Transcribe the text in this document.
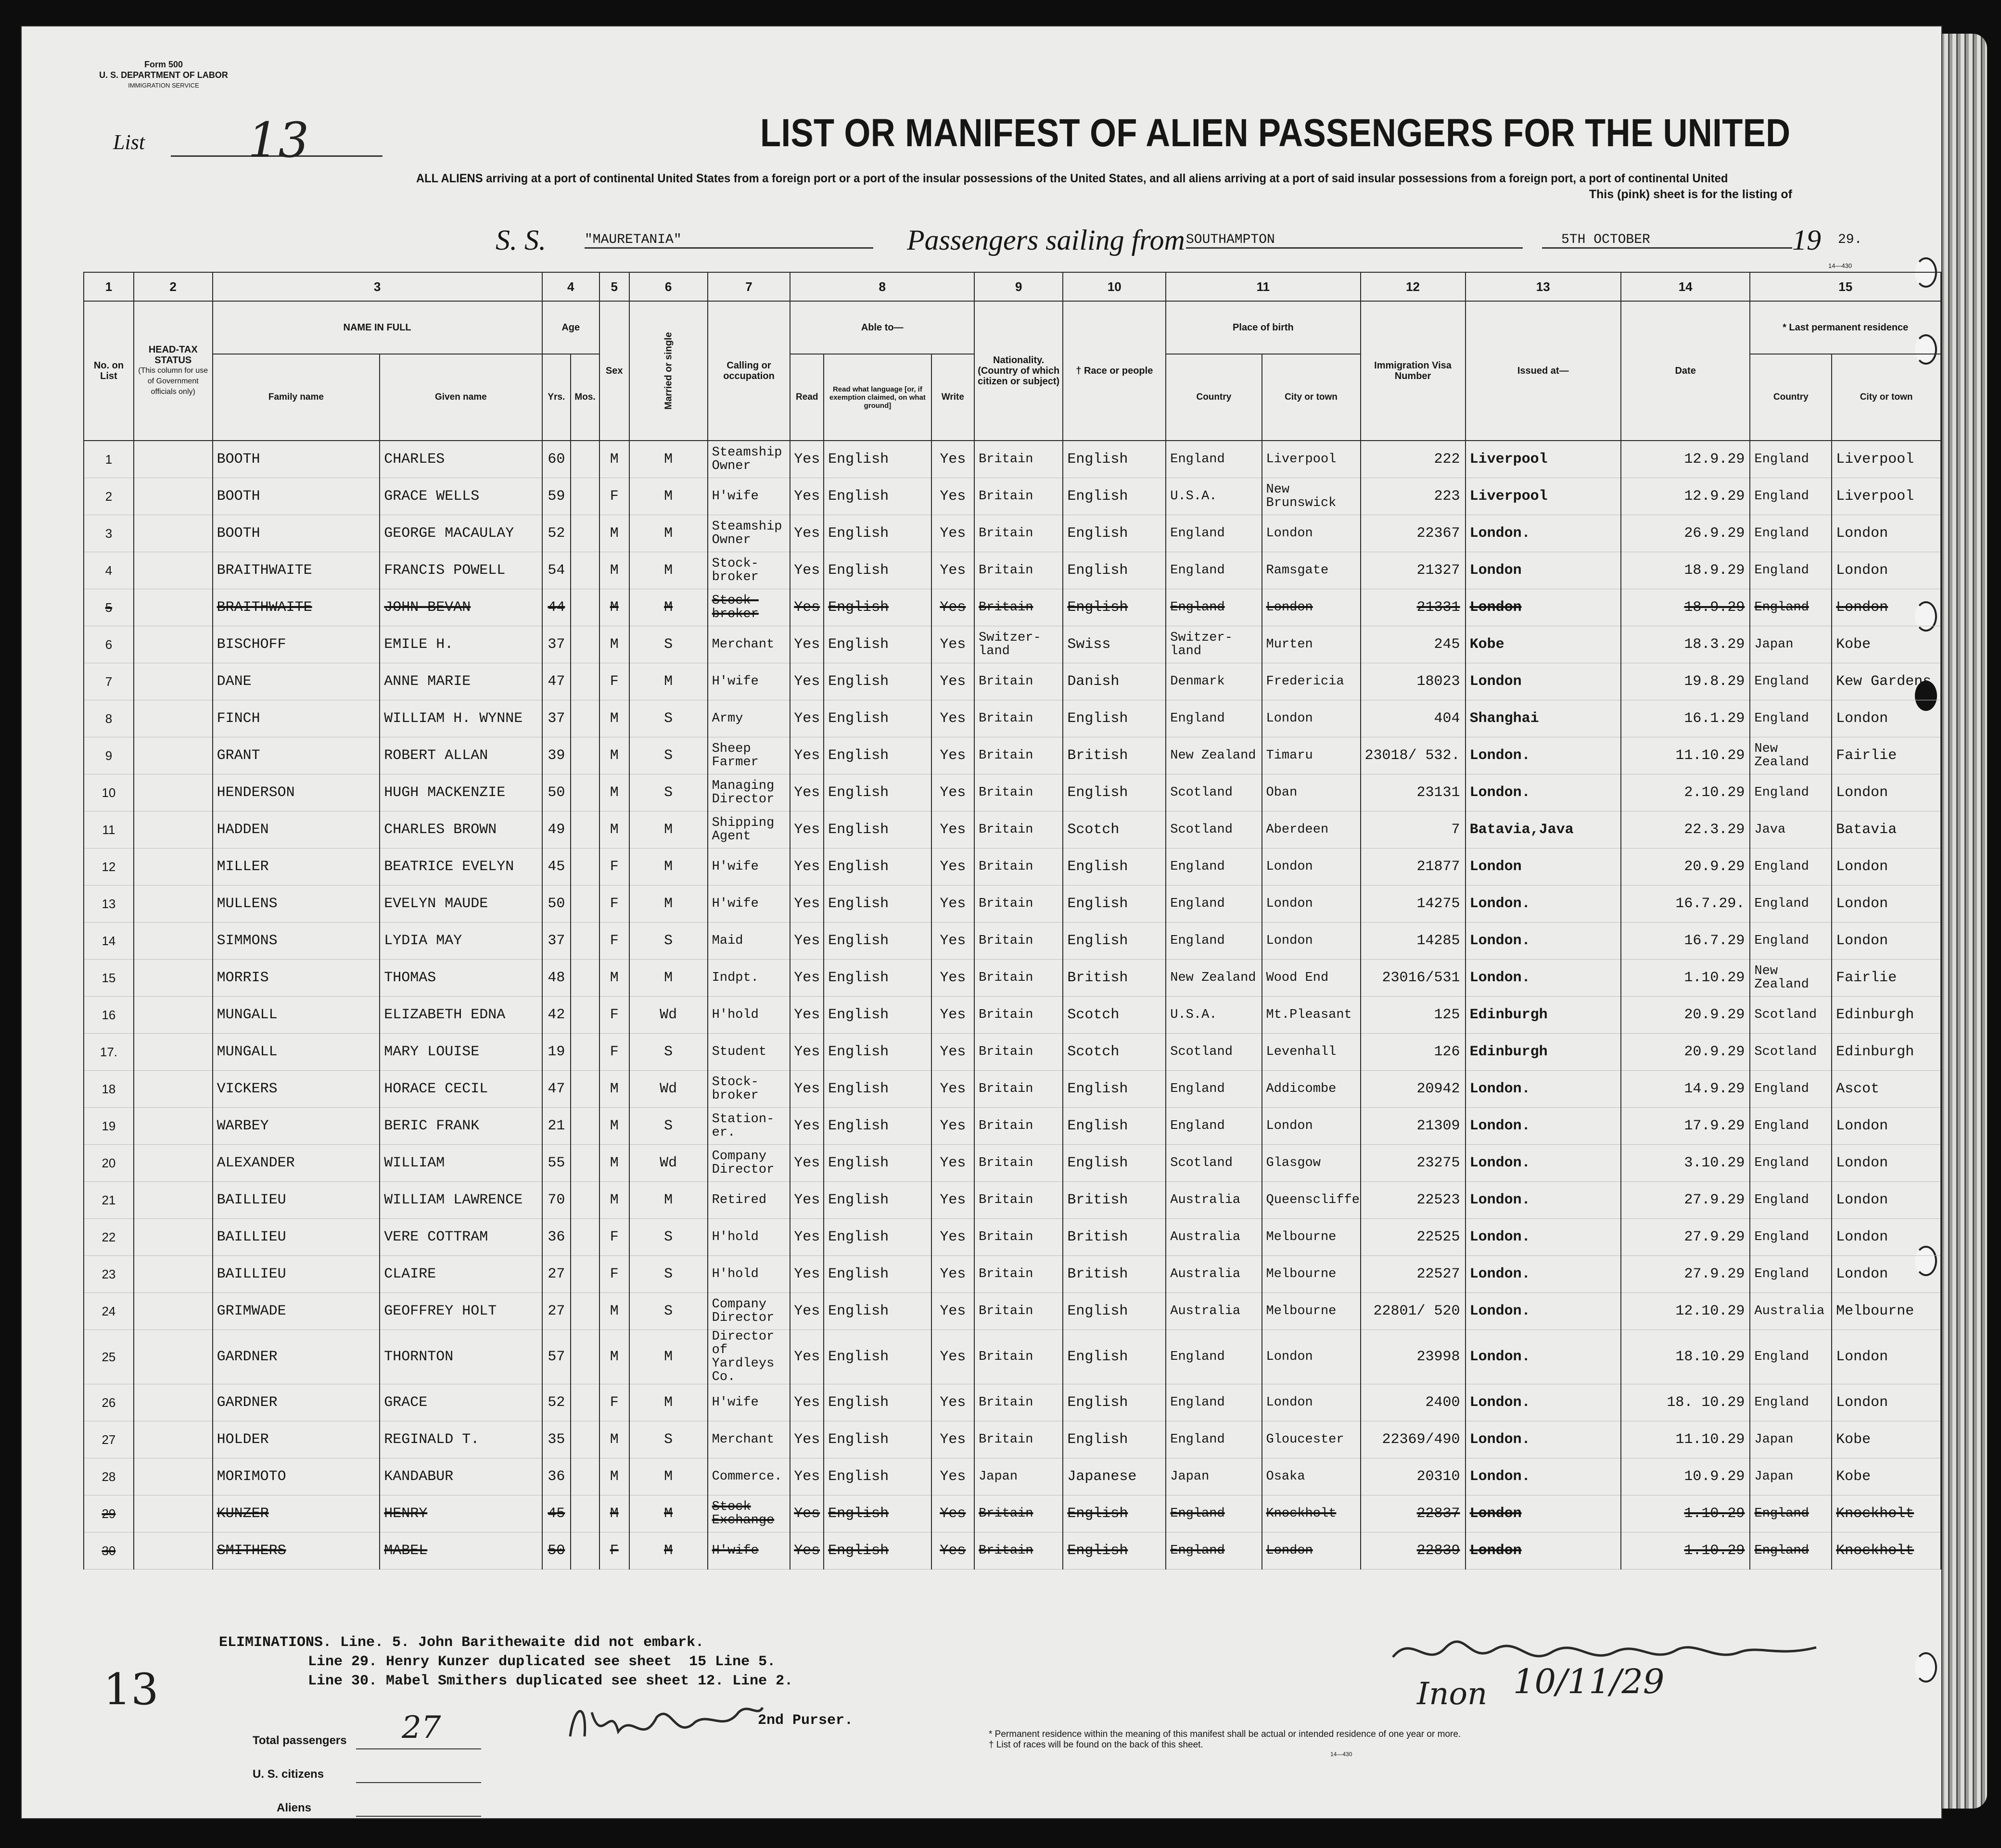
Form 500
U. S. DEPARTMENT OF LABOR
IMMIGRATION SERVICE
List 13	LIST OR MANIFEST OF ALIEN PASSENGERS FOR THE UNITED
ALL ALIENS arriving at a port of continental United States from a foreign port or a port of the insular possessions of the United States, and all aliens arriving at a port of said insular possessions from a foreign port, a port of continental United
This (pink) sheet is for the listing of
S. S.	"MAURETANIA"	Passengers sailing from SOUTHAMPTON	5TH OCTOBER	19 29.
14—430
1	2	3		4		5	6	7	8			9	10	11		12	13	14	15	
No. on List	HEAD-TAX STATUS
(This column for use of Government officials only)	NAME IN FULL		Age		Sex	Married or single	Calling or occupation	Able to—			Nationality. (Country of which citizen or subject)	† Race or people	Place of birth		Immigration Visa Number	Issued at—	Date	* Last permanent residence	
		Family name	Given name	Yrs.	Mos.				Read	Read what language [or, if exemption claimed, on what ground]	Write			Country	City or town				Country	City or town
1		BOOTH	CHARLES	60		M	M	Steamship Owner	Yes	English	Yes	Britain	English	England	Liverpool	222	Liverpool	12.9.29	England	Liverpool
2		BOOTH	GRACE WELLS	59		F	M	H'wife	Yes	English	Yes	Britain	English	U.S.A.	New Brunswick	223	Liverpool	12.9.29	England	Liverpool
3		BOOTH	GEORGE MACAULAY	52		M	M	Steamship Owner	Yes	English	Yes	Britain	English	England	London	22367	London.	26.9.29	England	London
4		BRAITHWAITE	FRANCIS POWELL	54		M	M	Stock-broker	Yes	English	Yes	Britain	English	England	Ramsgate	21327	London	18.9.29	England	London
5		BRAITHWAITE	JOHN BEVAN	44		M	M	Stock-broker	Yes	English	Yes	Britain	English	England	London	21331	London	18.9.29	England	London
6		BISCHOFF	EMILE H.	37		M	S	Merchant	Yes	English	Yes	Switzer-land	Swiss	Switzer-land	Murten	245	Kobe	18.3.29	Japan	Kobe
7		DANE	ANNE MARIE	47		F	M	H'wife	Yes	English	Yes	Britain	Danish	Denmark	Fredericia	18023	London	19.8.29	England	Kew Gardens
8		FINCH	WILLIAM H. WYNNE	37		M	S	Army	Yes	English	Yes	Britain	English	England	London	404	Shanghai	16.1.29	England	London
9		GRANT	ROBERT ALLAN	39		M	S	Sheep Farmer	Yes	English	Yes	Britain	British	New Zealand	Timaru	23018/ 532.	London.	11.10.29	New Zealand	Fairlie
10		HENDERSON	HUGH MACKENZIE	50		M	S	Managing Director	Yes	English	Yes	Britain	English	Scotland	Oban	23131	London.	2.10.29	England	London
11		HADDEN	CHARLES BROWN	49		M	M	Shipping Agent	Yes	English	Yes	Britain	Scotch	Scotland	Aberdeen	7	Batavia,Java	22.3.29	Java	Batavia
12		MILLER	BEATRICE EVELYN	45		F	M	H'wife	Yes	English	Yes	Britain	English	England	London	21877	London	20.9.29	England	London
13		MULLENS	EVELYN MAUDE	50		F	M	H'wife	Yes	English	Yes	Britain	English	England	London	14275	London.	16.7.29.	England	London
14		SIMMONS	LYDIA MAY	37		F	S	Maid	Yes	English	Yes	Britain	English	England	London	14285	London.	16.7.29	England	London
15		MORRIS	THOMAS	48		M	M	Indpt.	Yes	English	Yes	Britain	British	New Zealand	Wood End	23016/531	London.	1.10.29	New Zealand	Fairlie
16		MUNGALL	ELIZABETH EDNA	42		F	Wd	H'hold	Yes	English	Yes	Britain	Scotch	U.S.A.	Mt.Pleasant	125	Edinburgh	20.9.29	Scotland	Edinburgh
17.		MUNGALL	MARY LOUISE	19		F	S	Student	Yes	English	Yes	Britain	Scotch	Scotland	Levenhall	126	Edinburgh	20.9.29	Scotland	Edinburgh
18		VICKERS	HORACE CECIL	47		M	Wd	Stock-broker	Yes	English	Yes	Britain	English	England	Addicombe	20942	London.	14.9.29	England	Ascot
19		WARBEY	BERIC FRANK	21		M	S	Station-er.	Yes	English	Yes	Britain	English	England	London	21309	London.	17.9.29	England	London
20		ALEXANDER	WILLIAM	55		M	Wd	Company Director	Yes	English	Yes	Britain	English	Scotland	Glasgow	23275	London.	3.10.29	England	London
21		BAILLIEU	WILLIAM LAWRENCE	70		M	M	Retired	Yes	English	Yes	Britain	British	Australia	Queenscliffe	22523	London.	27.9.29	England	London
22		BAILLIEU	VERE COTTRAM	36		F	S	H'hold	Yes	English	Yes	Britain	British	Australia	Melbourne	22525	London.	27.9.29	England	London
23		BAILLIEU	CLAIRE	27		F	S	H'hold	Yes	English	Yes	Britain	British	Australia	Melbourne	22527	London.	27.9.29	England	London
24		GRIMWADE	GEOFFREY HOLT	27		M	S	Company Director	Yes	English	Yes	Britain	English	Australia	Melbourne	22801/ 520	London.	12.10.29	Australia	Melbourne
25		GARDNER	THORNTON	57		M	M	Director of Yardleys Co.	Yes	English	Yes	Britain	English	England	London	23998	London.	18.10.29	England	London
26		GARDNER	GRACE	52		F	M	H'wife	Yes	English	Yes	Britain	English	England	London	2400	London.	18. 10.29	England	London
27		HOLDER	REGINALD T.	35		M	S	Merchant	Yes	English	Yes	Britain	English	England	Gloucester	22369/490	London.	11.10.29	Japan	Kobe
28		MORIMOTO	KANDABUR	36		M	M	Commerce.	Yes	English	Yes	Japan	Japanese	Japan	Osaka	20310	London.	10.9.29	Japan	Kobe
29		KUNZER	HENRY	45		M	M	Stock Exchange	Yes	English	Yes	Britain	English	England	Knockholt	22837	London	1.10.29	England	Knockholt
30		SMITHERS	MABEL	50		F	M	H'wife	Yes	English	Yes	Britain	English	England	London	22839	London	1.10.29	England	Knockholt
ELIMINATIONS. Line. 5. John Barithewaite did not embark.
Line 29. Henry Kunzer duplicated see sheet  15 Line 5.
Line 30. Mabel Smithers duplicated see sheet 12. Line 2.
13	Inon 10/11/29
2nd Purser.
Total passengers 27
U. S. citizens
Aliens
* Permanent residence within the meaning of this manifest shall be actual or intended residence of one year or more.
† List of races will be found on the back of this sheet.
14—430
